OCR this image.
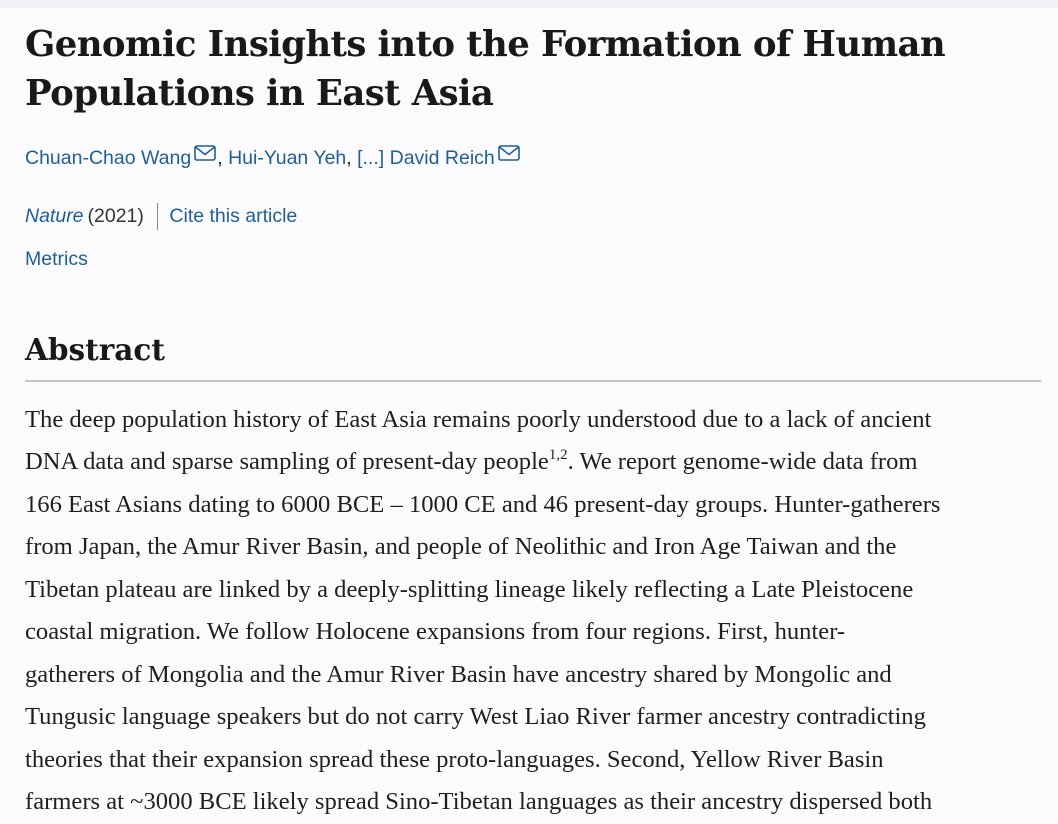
Genomic Insights into the Formation of Human Populations in East Asia
Chuan-Chao Wang , Hui-Yuan Yeh, [...] David Reich
Nature (2021) Cite this article
Metrics
Abstract
The deep population history of East Asia remains poorly understood due to a lack of ancient
DNA data and sparse sampling of present-day people$^{1,2}$. We report genome-wide data from
166 East Asians dating to 6000 BCE – 1000 CE and 46 present-day groups. Hunter-gatherers
from Japan, the Amur River Basin, and people of Neolithic and Iron Age Taiwan and the
Tibetan plateau are linked by a deeply-splitting lineage likely reflecting a Late Pleistocene
coastal migration. We follow Holocene expansions from four regions. First, hunter-
gatherers of Mongolia and the Amur River Basin have ancestry shared by Mongolic and
Tungusic language speakers but do not carry West Liao River farmer ancestry contradicting
theories that their expansion spread these proto-languages. Second, Yellow River Basin
farmers at ~3000 BCE likely spread Sino-Tibetan languages as their ancestry dispersed both
